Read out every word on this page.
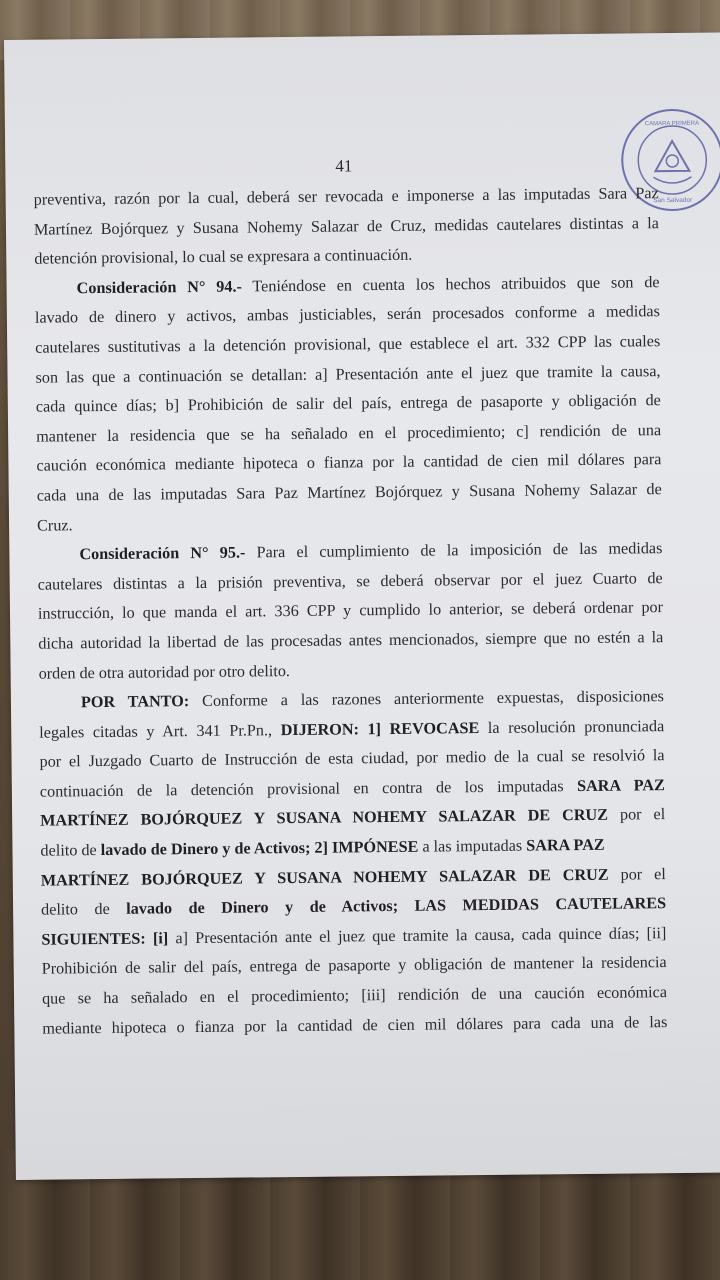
CAMARA PRIMERA
San Salvador
41
preventiva, razón por la cual, deberá ser revocada e imponerse a las imputadas Sara Paz
Martínez Bojórquez y Susana Nohemy Salazar de Cruz, medidas cautelares distintas a la
detención provisional, lo cual se expresara a continuación.
Consideración N° 94.- Teniéndose en cuenta los hechos atribuidos que son de
lavado de dinero y activos, ambas justiciables, serán procesados conforme a medidas
cautelares sustitutivas a la detención provisional, que establece el art. 332 CPP las cuales
son las que a continuación se detallan: a] Presentación ante el juez que tramite la causa,
cada quince días; b] Prohibición de salir del país, entrega de pasaporte y obligación de
mantener la residencia que se ha señalado en el procedimiento; c] rendición de una
caución económica mediante hipoteca o fianza por la cantidad de cien mil dólares para
cada una de las imputadas Sara Paz Martínez Bojórquez y Susana Nohemy Salazar de
Cruz.
Consideración N° 95.- Para el cumplimiento de la imposición de las medidas
cautelares distintas a la prisión preventiva, se deberá observar por el juez Cuarto de
instrucción, lo que manda el art. 336 CPP y cumplido lo anterior, se deberá ordenar por
dicha autoridad la libertad de las procesadas antes mencionados, siempre que no estén a la
orden de otra autoridad por otro delito.
POR TANTO: Conforme a las razones anteriormente expuestas, disposiciones
legales citadas y Art. 341 Pr.Pn., DIJERON: 1] REVOCASE la resolución pronunciada
por el Juzgado Cuarto de Instrucción de esta ciudad, por medio de la cual se resolvió la
continuación de la detención provisional en contra de los imputadas SARA PAZ
MARTÍNEZ BOJÓRQUEZ Y SUSANA NOHEMY SALAZAR DE CRUZ por el
delito de lavado de Dinero y de Activos; 2] IMPÓNESE a las imputadas SARA PAZ
MARTÍNEZ BOJÓRQUEZ Y SUSANA NOHEMY SALAZAR DE CRUZ por el
delito de lavado de Dinero y de Activos; LAS MEDIDAS CAUTELARES
SIGUIENTES: [i] a] Presentación ante el juez que tramite la causa, cada quince días; [ii]
Prohibición de salir del país, entrega de pasaporte y obligación de mantener la residencia
que se ha señalado en el procedimiento; [iii] rendición de una caución económica
mediante hipoteca o fianza por la cantidad de cien mil dólares para cada una de las
